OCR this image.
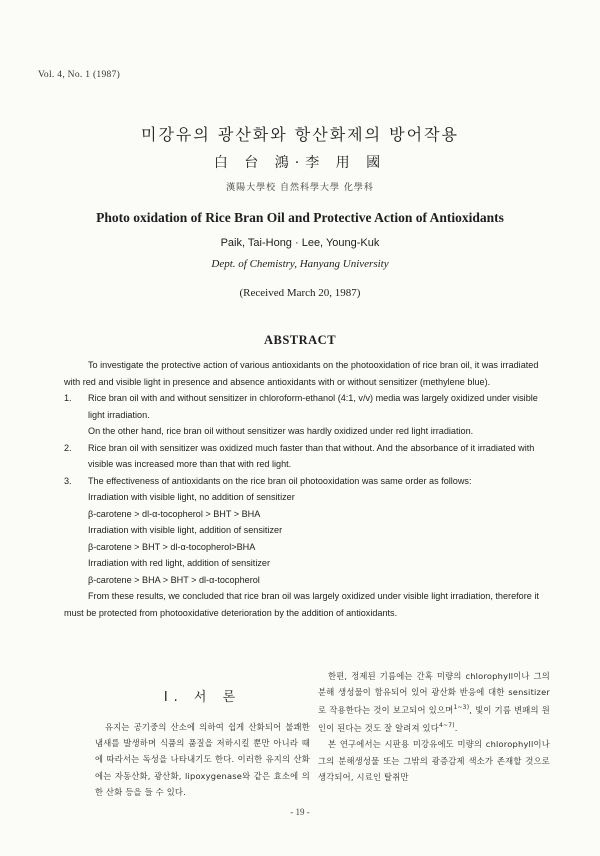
Vol. 4, No. 1 (1987)
미강유의 광산화와 항산화제의 방어작용
白 台 鴻·李 用 國
漢陽大學校 自然科學大學 化學科
Photo oxidation of Rice Bran Oil and Protective Action of Antioxidants
Paik, Tai-Hong · Lee, Young-Kuk
Dept. of Chemistry, Hanyang University
(Received March 20, 1987)
ABSTRACT

To investigate the protective action of various antioxidants on the photooxidation of rice bran oil, it was irradiated with red and visible light in presence and absence antioxidants with or without sensitizer (methylene blue).

1.	Rice bran oil with and without sensitizer in chloroform-ethanol (4:1, v/v) media was largely oxidized under visible light irradiation.

On the other hand, rice bran oil without sensitizer was hardly oxidized under red light irradiation.

2.	Rice bran oil with sensitizer was oxidized much faster than that without. And the absorbance of it irradiated with visible was increased more than that with red light.
3.	The effectiveness of antioxidants on the rice bran oil photooxidation was same order as follows:

Irradiation with visible light, no addition of sensitizer

β-carotene > dl-α-tocopherol > BHT > BHA

Irradiation with visible light, addition of sensitizer

β-carotene > BHT > dl-α-tocopherol>BHA

Irradiation with red light, addition of sensitizer

β-carotene > BHA > BHT > dl-α-tocopherol

From these results, we concluded that rice bran oil was largely oxidized under visible light irradiation, therefore it must be protected from photooxidative deterioration by the addition of antioxidants.

I. 서 론

유지는 공기중의 산소에 의하여 쉽게 산화되어 불쾌한 냄새를 발생하며 식품의 품질을 저하시킬 뿐만 아니라 때에 따라서는 독성을 나타내기도 한다. 이러한 유지의 산화에는 자동산화, 광산화, lipoxygenase와 같은 효소에 의한 산화 등을 들 수 있다.

한편, 정제된 기름에는 간혹 미량의 chlorophyll이나 그의 분해 생성물이 함유되어 있어 광산화 반응에 대한 sensitizer로 작용한다는 것이 보고되어 있으며$^{1\sim 3)}$, 빛이 기름 변패의 원인이 된다는 것도 잘 알려져 있다$^{4\sim 7)}$.

본 연구에서는 시판용 미강유에도 미량의 chlorophyll이나 그의 분해생성물 또는 그밖의 광증감제 색소가 존재할 것으로 생각되어, 시료인 탈취만

- 19 -
